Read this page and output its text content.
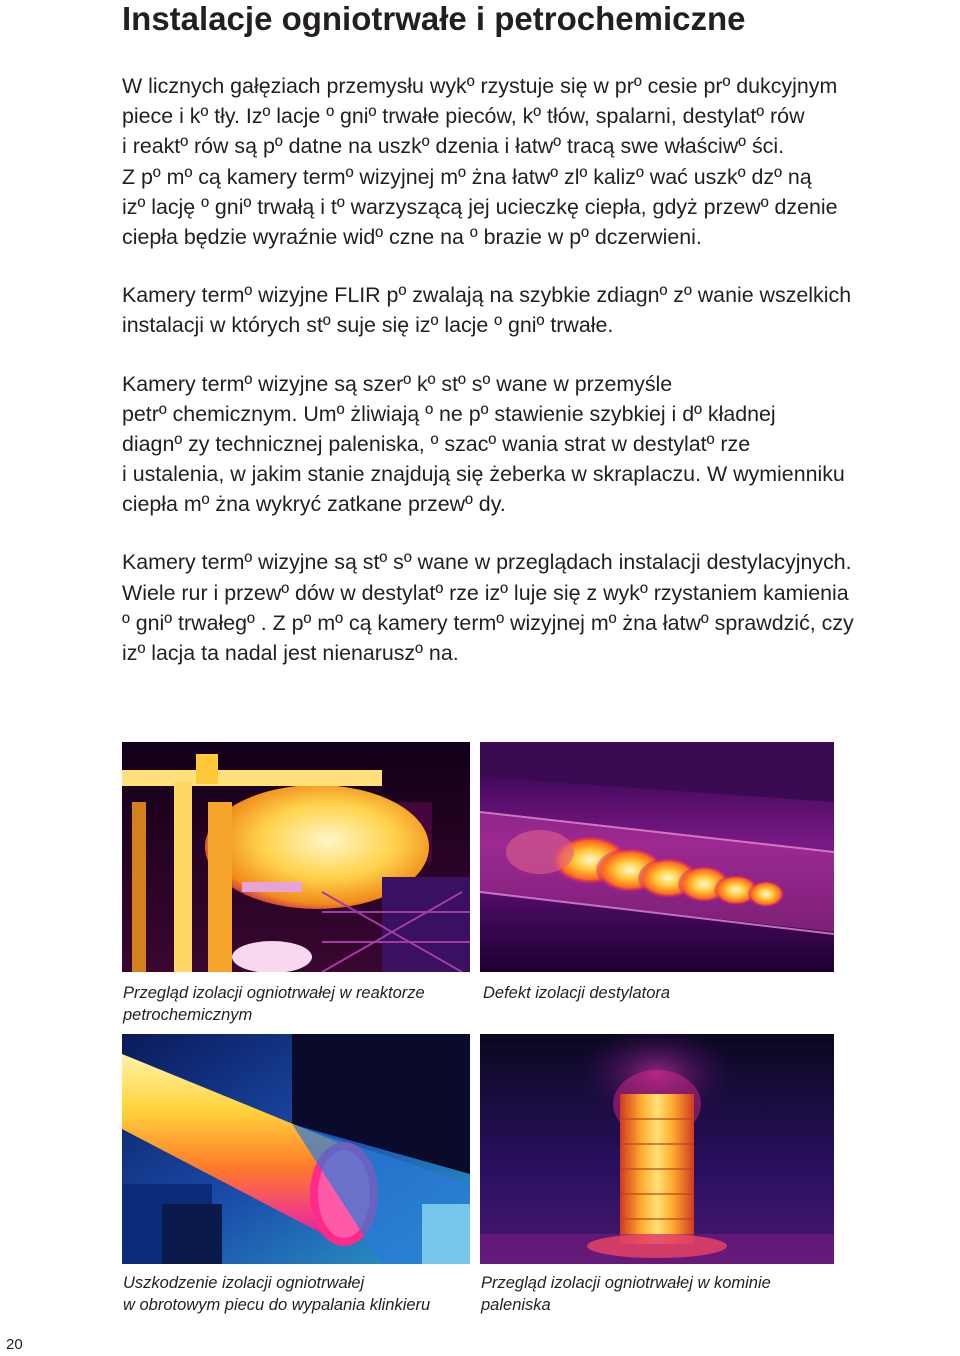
Instalacje ogniotrwałe i petrochemiczne
W licznych gałęziach przemysłu wykº rzystuje się w prº cesie prº dukcyjnym
piece i kº tły. Izº lacje º gniº trwałe pieców, kº tłów, spalarni, destylatº rów
i reaktº rów są pº datne na uszkº dzenia i łatwº tracą swe właściwº ści.
Z pº mº cą kamery termº wizyjnej mº żna łatwº zlº kalizº wać uszkº dzº ną
izº lację º gniº trwałą i tº warzyszącą jej ucieczkę ciepła, gdyż przewº dzenie
ciepła będzie wyraźnie widº czne na º brazie w pº dczerwieni.
Kamery termº wizyjne FLIR pº zwalają na szybkie zdiagnº zº wanie wszelkich
instalacji w których stº suje się izº lacje º gniº trwałe.
Kamery termº wizyjne są szerº kº stº sº wane w przemyśle
petrº chemicznym. Umº żliwiają º ne pº stawienie szybkiej i dº kładnej
diagnº zy technicznej paleniska, º szacº wania strat w destylatº rze
i ustalenia, w jakim stanie znajdują się żeberka w skraplaczu. W wymienniku
ciepła mº żna wykryć zatkane przewº dy.
Kamery termº wizyjne są stº sº wane w przeglądach instalacji destylacyjnych.
Wiele rur i przewº dów w destylatº rze izº luje się z wykº rzystaniem kamienia
º gniº trwałegº . Z pº mº cą kamery termº wizyjnej mº żna łatwº sprawdzić, czy
izº lacja ta nadal jest nienaruszº na.
Przegląd izolacji ogniotrwałej w reaktorze
petrochemicznym
Defekt izolacji destylatora
Uszkodzenie izolacji ogniotrwałej
w obrotowym piecu do wypalania klinkieru
Przegląd izolacji ogniotrwałej w kominie
paleniska
20
